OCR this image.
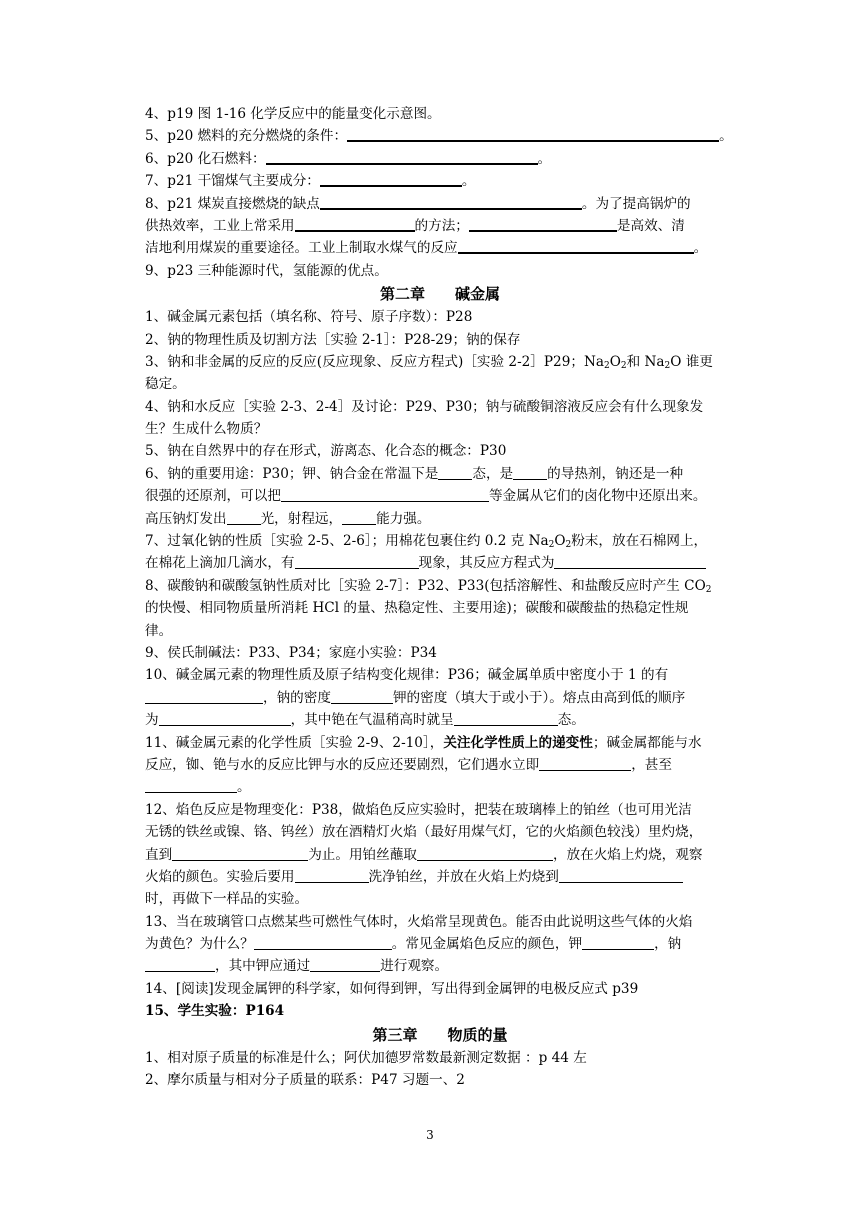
4、p19 图 1-16 化学反应中的能量变化示意图。
5、p20 燃料的充分燃烧的条件：	。
6、p20 化石燃料：	。
7、p21 干馏煤气主要成分：	。
8、p21 煤炭直接燃烧的缺点	。为了提高锅炉的
供热效率，工业上常采用	的方法；	是高效、清
洁地利用煤炭的重要途径。工业上制取水煤气的反应	。
9、p23 三种能源时代，氢能源的优点。
第二章 碱金属
1、碱金属元素包括（填名称、符号、原子序数）：P28
2、钠的物理性质及切割方法［实验 2-1］：P28-29；钠的保存
3、钠和非金属的反应的反应(反应现象、反应方程式)［实验 2-2］P29；$Na_2O_2$和 $Na_2O$ 谁更
稳定。
4、钠和水反应［实验 2-3、2-4］及讨论：P29、P30；钠与硫酸铜溶液反应会有什么现象发
生？生成什么物质？
5、钠在自然界中的存在形式，游离态、化合态的概念：P30
6、钠的重要用途：P30；钾、钠合金在常温下是	态，是	的导热剂，钠还是一种
很强的还原剂，可以把	等金属从它们的卤化物中还原出来。
高压钠灯发出	光，射程远，	能力强。
7、过氧化钠的性质［实验 2-5、2-6］；用棉花包裹住约 0.2 克 $Na_2O_2$粉末，放在石棉网上，
在棉花上滴加几滴水，有	现象，其反应方程式为
8、碳酸钠和碳酸氢钠性质对比［实验 2-7］：P32、P33(包括溶解性、和盐酸反应时产生 $CO_2$
的快慢、相同物质量所消耗 HCl 的量、热稳定性、主要用途)；碳酸和碳酸盐的热稳定性规
律。
9、侯氏制碱法：P33、P34；家庭小实验：P34
10、碱金属元素的物理性质及原子结构变化规律：P36；碱金属单质中密度小于 1 的有
，钠的密度	钾的密度（填大于或小于）。熔点由高到低的顺序
为	，其中铯在气温稍高时就呈	态。
11、碱金属元素的化学性质［实验 2-9、2-10］，关注化学性质上的递变性；碱金属都能与水
反应，铷、铯与水的反应比钾与水的反应还要剧烈，它们遇水立即	，甚至
。
12、焰色反应是物理变化：P38，做焰色反应实验时，把装在玻璃棒上的铂丝（也可用光洁
无锈的铁丝或镍、铬、钨丝）放在酒精灯火焰（最好用煤气灯，它的火焰颜色较浅）里灼烧，
直到	为止。用铂丝蘸取	，放在火焰上灼烧，观察
火焰的颜色。实验后要用	洗净铂丝，并放在火焰上灼烧到
时，再做下一样品的实验。
13、当在玻璃管口点燃某些可燃性气体时，火焰常呈现黄色。能否由此说明这些气体的火焰
为黄色？为什么？	。常见金属焰色反应的颜色，钾	，钠
，其中钾应通过	进行观察。
14、[阅读]发现金属钾的科学家，如何得到钾，写出得到金属钾的电极反应式 p39
15、学生实验：P164
第三章 物质的量
1、相对原子质量的标准是什么；阿伏加德罗常数最新测定数据 ：p 44 左
2、摩尔质量与相对分子质量的联系：P47 习题一、2
3
